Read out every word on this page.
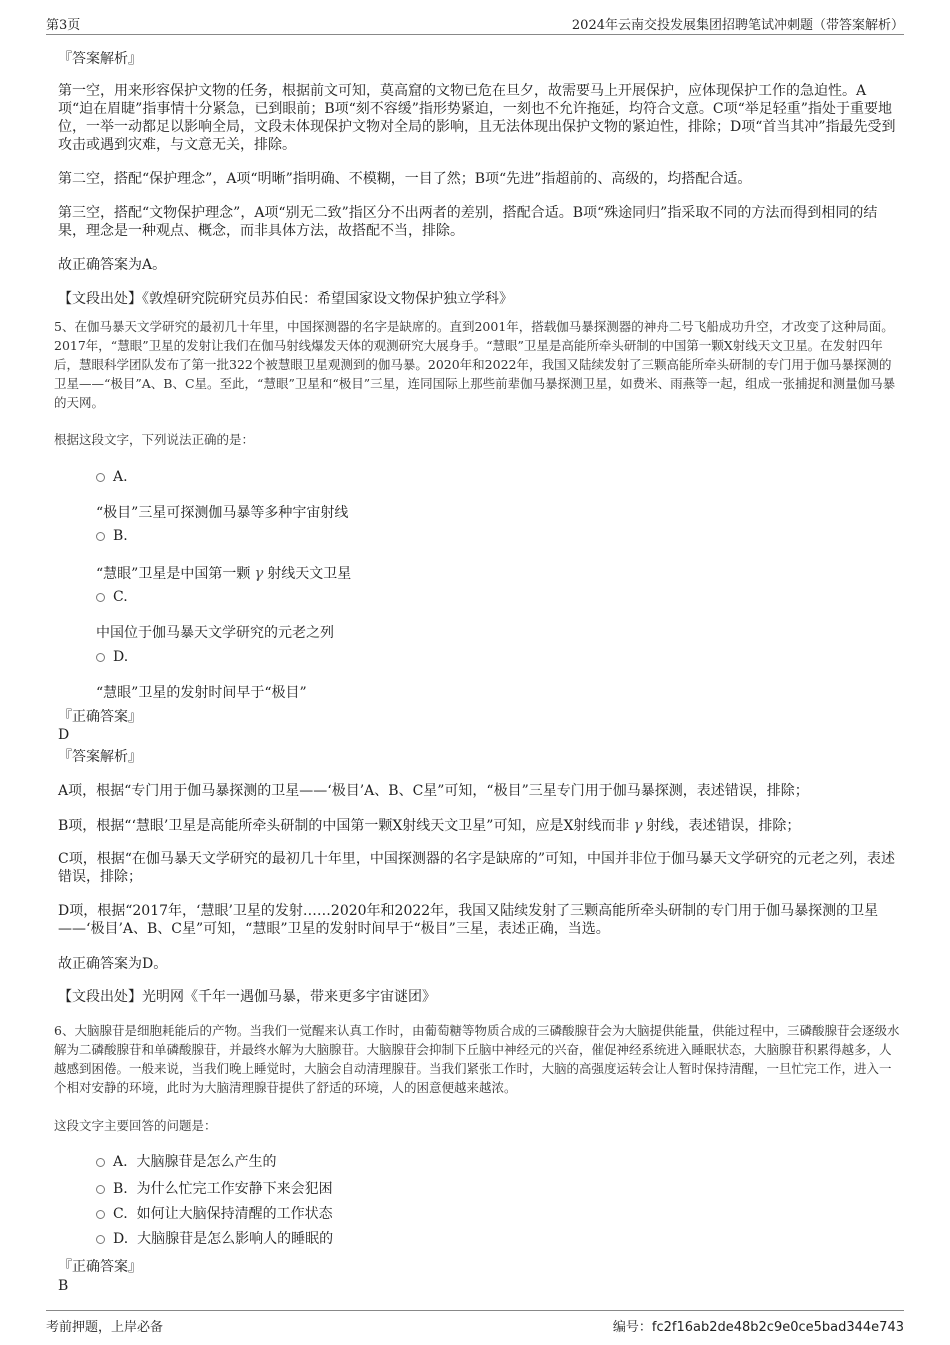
第3页	2024年云南交投发展集团招聘笔试冲刺题（带答案解析）

『答案解析』

第一空，用来形容保护文物的任务，根据前文可知，莫高窟的文物已危在旦夕，故需要马上开展保护，应体现保护工作的急迫性。A项“迫在眉睫”指事情十分紧急，已到眼前；B项“刻不容缓”指形势紧迫，一刻也不允许拖延，均符合文意。C项“举足轻重”指处于重要地位，一举一动都足以影响全局，文段未体现保护文物对全局的影响，且无法体现出保护文物的紧迫性，排除；D项“首当其冲”指最先受到攻击或遇到灾难，与文意无关，排除。

第二空，搭配“保护理念”，A项“明晰”指明确、不模糊，一目了然；B项“先进”指超前的、高级的，均搭配合适。

第三空，搭配“文物保护理念”，A项“别无二致”指区分不出两者的差别，搭配合适。B项“殊途同归”指采取不同的方法而得到相同的结果，理念是一种观点、概念，而非具体方法，故搭配不当，排除。

故正确答案为A。

【文段出处】《敦煌研究院研究员苏伯民：希望国家设文物保护独立学科》

5、在伽马暴天文学研究的最初几十年里，中国探测器的名字是缺席的。直到2001年，搭载伽马暴探测器的神舟二号飞船成功升空，才改变了这种局面。2017年，“慧眼”卫星的发射让我们在伽马射线爆发天体的观测研究大展身手。“慧眼”卫星是高能所牵头研制的中国第一颗X射线天文卫星。在发射四年后，慧眼科学团队发布了第一批322个被慧眼卫星观测到的伽马暴。2020年和2022年，我国又陆续发射了三颗高能所牵头研制的专门用于伽马暴探测的卫星——“极目”A、B、C星。至此，“慧眼”卫星和“极目”三星，连同国际上那些前辈伽马暴探测卫星，如费米、雨燕等一起，组成一张捕捉和测量伽马暴的天网。

根据这段文字，下列说法正确的是：

A.
“极目”三星可探测伽马暴等多种宇宙射线
B.
“慧眼”卫星是中国第一颗 γ 射线天文卫星
C.
中国位于伽马暴天文学研究的元老之列
D.
“慧眼”卫星的发射时间早于“极目”

『正确答案』

D

『答案解析』

A项，根据“专门用于伽马暴探测的卫星——‘极目’A、B、C星”可知，“极目”三星专门用于伽马暴探测，表述错误，排除；

B项，根据“‘慧眼’卫星是高能所牵头研制的中国第一颗X射线天文卫星”可知，应是X射线而非 γ 射线，表述错误，排除；

C项，根据“在伽马暴天文学研究的最初几十年里，中国探测器的名字是缺席的”可知，中国并非位于伽马暴天文学研究的元老之列，表述错误，排除；

D项，根据“2017年，‘慧眼’卫星的发射……2020年和2022年，我国又陆续发射了三颗高能所牵头研制的专门用于伽马暴探测的卫星——‘极目’A、B、C星”可知，“慧眼”卫星的发射时间早于“极目”三星，表述正确，当选。

故正确答案为D。

【文段出处】光明网《千年一遇伽马暴，带来更多宇宙谜团》

6、大脑腺苷是细胞耗能后的产物。当我们一觉醒来认真工作时，由葡萄糖等物质合成的三磷酸腺苷会为大脑提供能量，供能过程中，三磷酸腺苷会逐级水解为二磷酸腺苷和单磷酸腺苷，并最终水解为大脑腺苷。大脑腺苷会抑制下丘脑中神经元的兴奋，催促神经系统进入睡眠状态，大脑腺苷积累得越多，人越感到困倦。一般来说，当我们晚上睡觉时，大脑会自动清理腺苷。当我们紧张工作时，大脑的高强度运转会让人暂时保持清醒，一旦忙完工作，进入一个相对安静的环境，此时为大脑清理腺苷提供了舒适的环境，人的困意便越来越浓。

这段文字主要回答的问题是：

A. 大脑腺苷是怎么产生的
B. 为什么忙完工作安静下来会犯困
C. 如何让大脑保持清醒的工作状态
D. 大脑腺苷是怎么影响人的睡眠的

『正确答案』

B

考前押题，上岸必备	编号：fc2f16ab2de48b2c9e0ce5bad344e743
